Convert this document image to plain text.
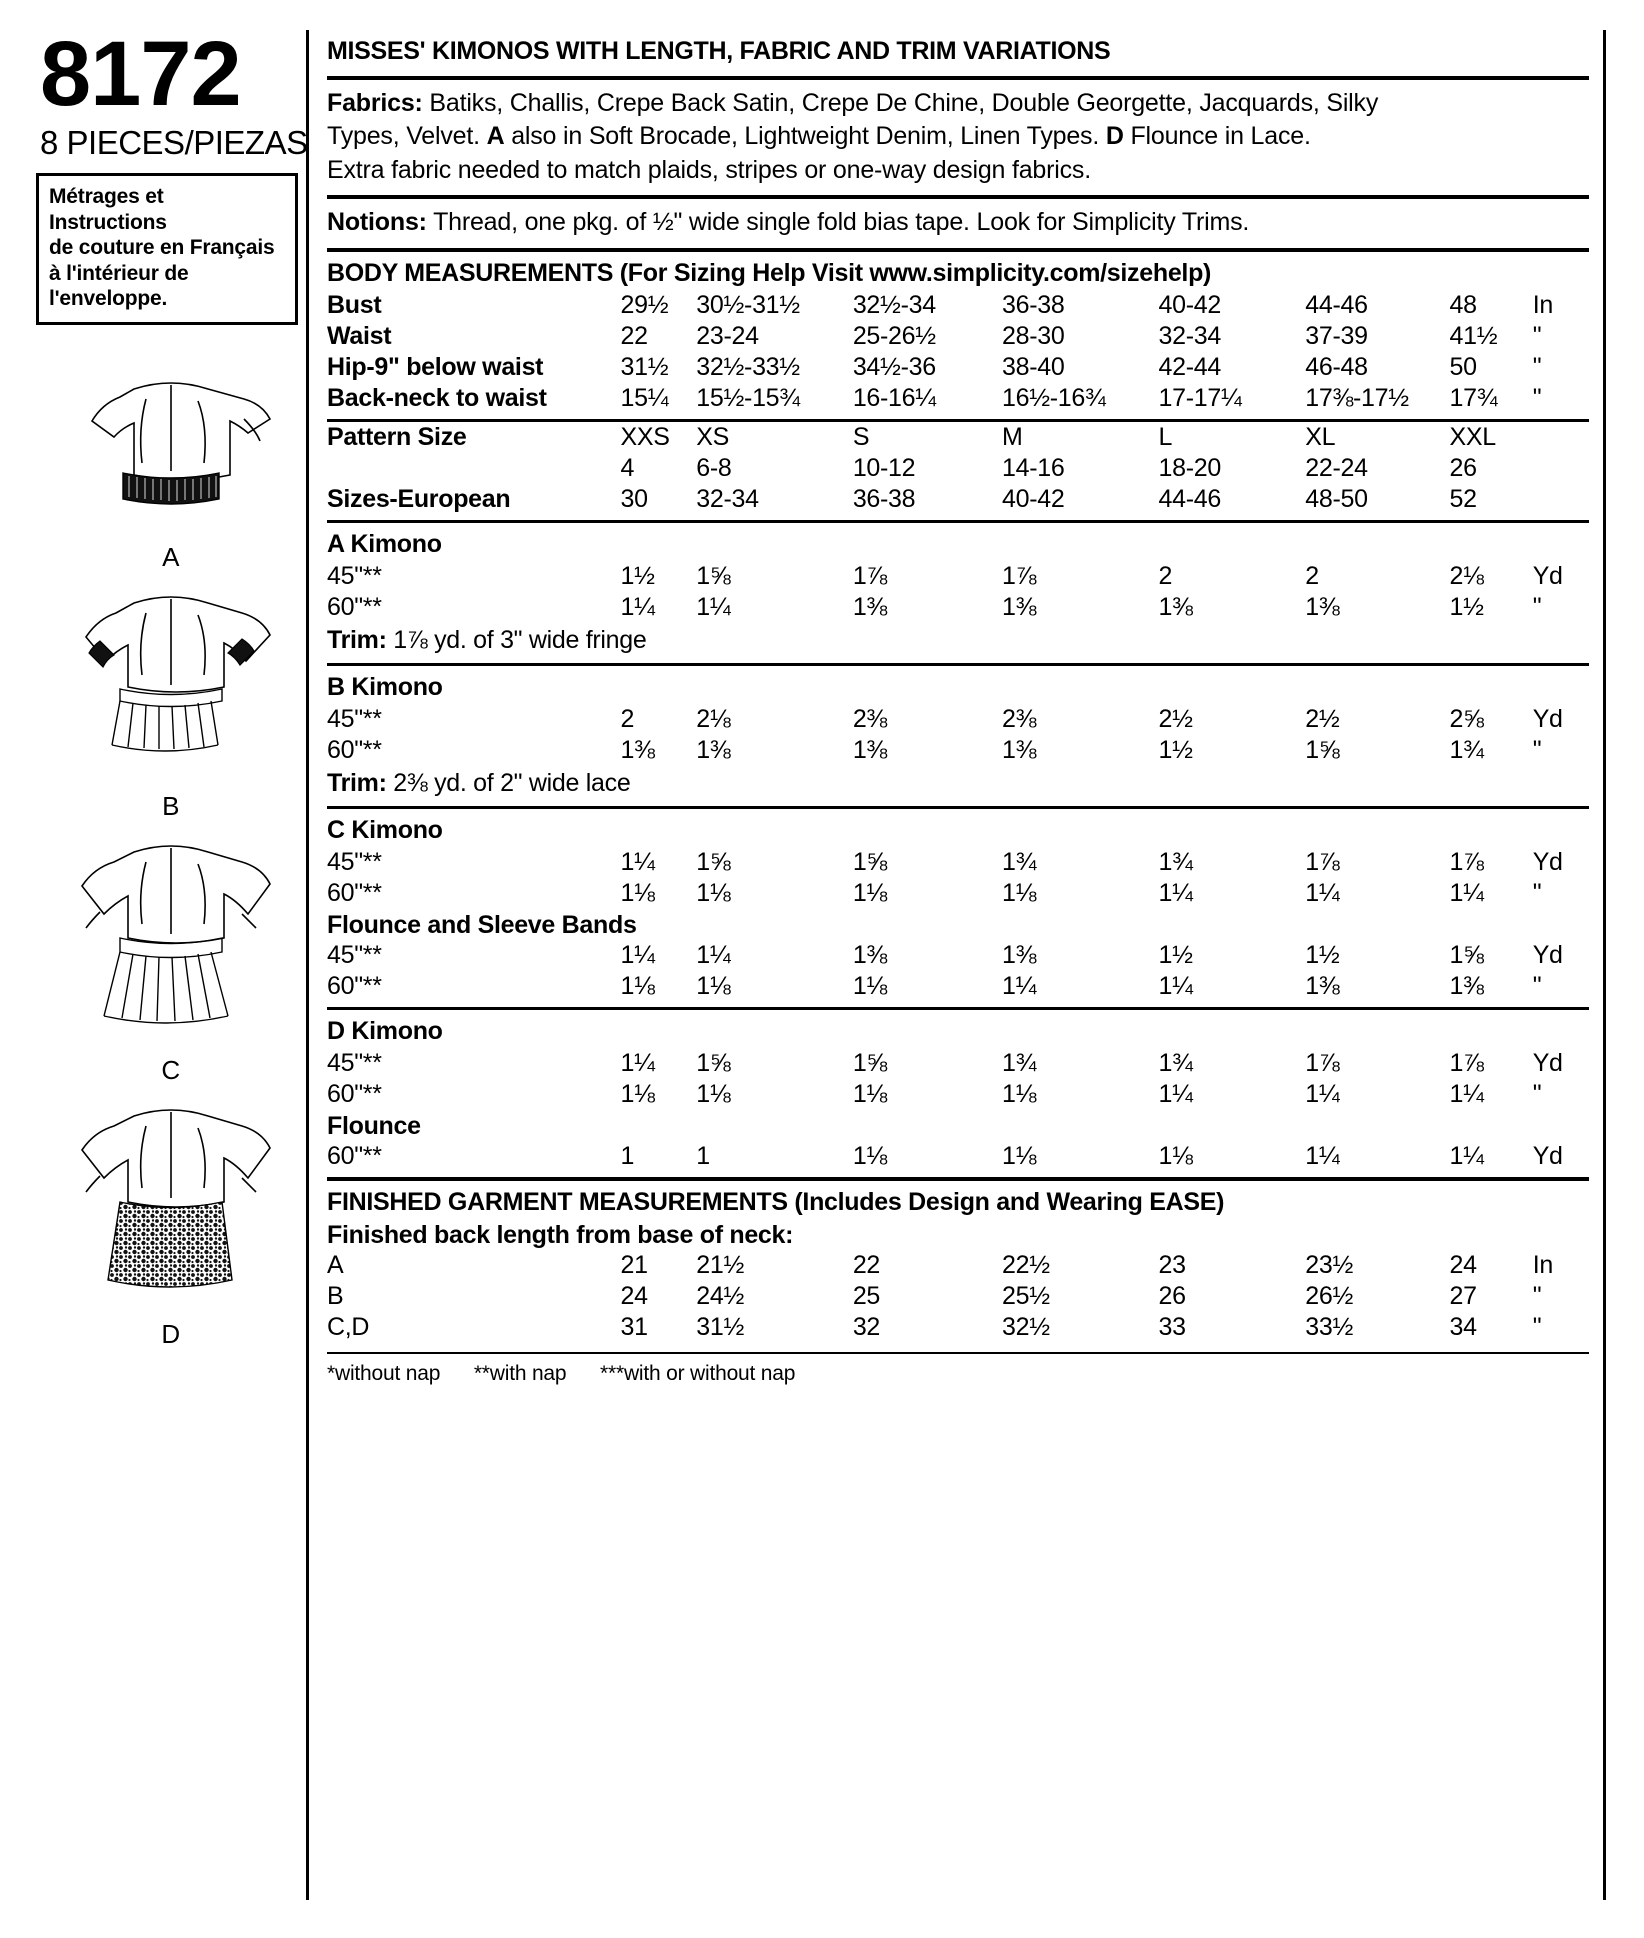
8172
8 PIECES/PIEZAS

Métrages et Instructions

de couture en Français

à l'intérieur de

l'enveloppe.

A
B
C
D
MISSES' KIMONOS WITH LENGTH, FABRIC AND TRIM VARIATIONS
Fabrics: Batiks, Challis, Crepe Back Satin, Crepe De Chine, Double Georgette, Jacquards, Silky
Types, Velvet. A also in Soft Brocade, Lightweight Denim, Linen Types. D Flounce in Lace.
Extra fabric needed to match plaids, stripes or one-way design fabrics.
Notions: Thread, one pkg. of ½" wide single fold bias tape. Look for Simplicity Trims.
BODY MEASUREMENTS (For Sizing Help Visit www.simplicity.com/sizehelp)
Bust	29½	30½-31½	32½-34	36-38	40-42	44-46	48	In
Waist	22	23-24	25-26½	28-30	32-34	37-39	41½	"
Hip-9" below waist	31½	32½-33½	34½-36	38-40	42-44	46-48	50	"
Back-neck to waist	15¼	15½-15¾	16-16¼	16½-16¾	17-17¼	17⅜-17½	17¾	"
Pattern Size	XXS	XS	S	M	L	XL	XXL	
	4	6-8	10-12	14-16	18-20	22-24	26	
Sizes-European	30	32-34	36-38	40-42	44-46	48-50	52	
A Kimono
45"**	1½	1⅝	1⅞	1⅞	2	2	2⅛	Yd
60"**	1¼	1¼	1⅜	1⅜	1⅜	1⅜	1½	"
Trim: 1⅞ yd. of 3" wide fringe
B Kimono
45"**	2	2⅛	2⅜	2⅜	2½	2½	2⅝	Yd
60"**	1⅜	1⅜	1⅜	1⅜	1½	1⅝	1¾	"
Trim: 2⅜ yd. of 2" wide lace
C Kimono
45"**	1¼	1⅝	1⅝	1¾	1¾	1⅞	1⅞	Yd
60"**	1⅛	1⅛	1⅛	1⅛	1¼	1¼	1¼	"
Flounce and Sleeve Bands
45"**	1¼	1¼	1⅜	1⅜	1½	1½	1⅝	Yd
60"**	1⅛	1⅛	1⅛	1¼	1¼	1⅜	1⅜	"
D Kimono
45"**	1¼	1⅝	1⅝	1¾	1¾	1⅞	1⅞	Yd
60"**	1⅛	1⅛	1⅛	1⅛	1¼	1¼	1¼	"
Flounce
60"**	1	1	1⅛	1⅛	1⅛	1¼	1¼	Yd
FINISHED GARMENT MEASUREMENTS (Includes Design and Wearing EASE)
Finished back length from base of neck:
A	21	21½	22	22½	23	23½	24	In
B	24	24½	25	25½	26	26½	27	"
C,D	31	31½	32	32½	33	33½	34	"
*without nap **with nap ***with or without nap
